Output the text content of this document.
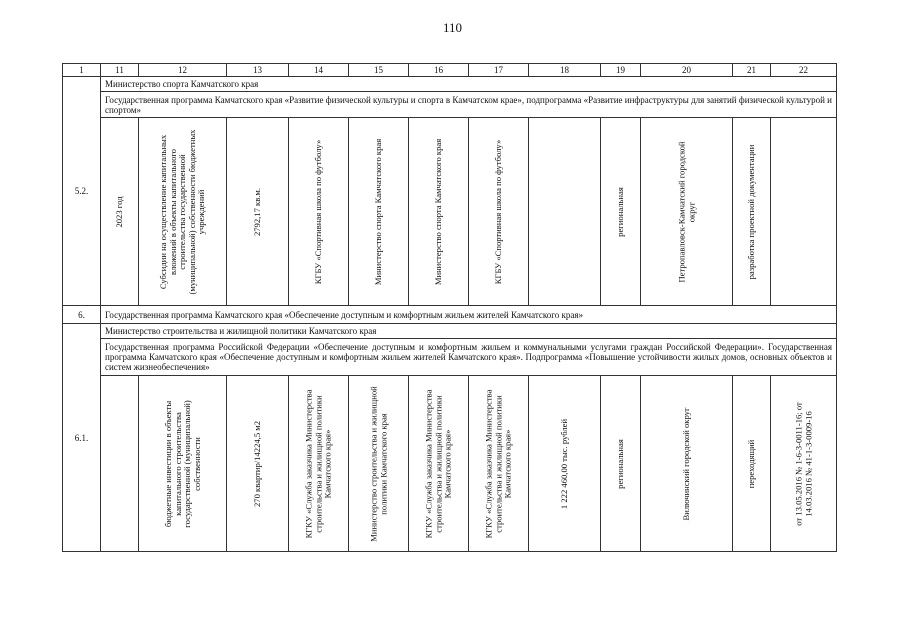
110
1	11	12	13	14	15	16	17	18	19	20	21	22
5.2.	Министерство спорта Камчатского края											
	Государственная программа Камчатского края «Развитие физической культуры и спорта в Камчатском крае», подпрограмма «Развитие инфраструктуры для занятий физической культурой и спортом»											

	2023 год	Субсидии на осуществление капитальных вложений в объекты капитального строительства государственной (муниципальной) собственности бюджетных учреждений	2792,17 кв.м.	КГБУ «Спортивная школа по футболу»	Министерство спорта Камчатского края	Министерство спорта Камчатского края	КГБУ «Спортивная школа по футболу»		региональная	Петропавловск-Камчатский городской округ	разработка проектной документации	

6.	Государственная программа Камчатского края «Обеспечение доступным и комфортным жильем жителей Камчатского края»											
6.1.	Министерство строительства и жилищной политики Камчатского края											
	Государственная программа Российской Федерации «Обеспечение доступным и комфортным жильем и коммунальными услугами граждан Российской Федерации». Государственная программа Камчатского края «Обеспечение доступным и комфортным жильем жителей Камчатского края». Подпрограмма «Повышение устойчивости жилых домов, основных объектов и систем жизнеобеспечения»											

		бюджетные инвестиции в объекты капитального строительства государственной (муниципальной) собственности	270 квартир/14224,5 м2	КГКУ «Служба заказчика Министерства строительства и жилищной политики Камчатского края»	Министерство строительства и жилищной политики Камчатского края	КГКУ «Служба заказчика Министерства строительства и жилищной политики Камчатского края»	КГКУ «Служба заказчика Министерства строительства и жилищной политики Камчатского края»	1 222 460,00 тыс. рублей	региональная	Вилючинский городской округ	переходящий	от 13.05.2016 № 1-6-3-0011-16; от 14.03.2016 № 41-1-3-0009-16
